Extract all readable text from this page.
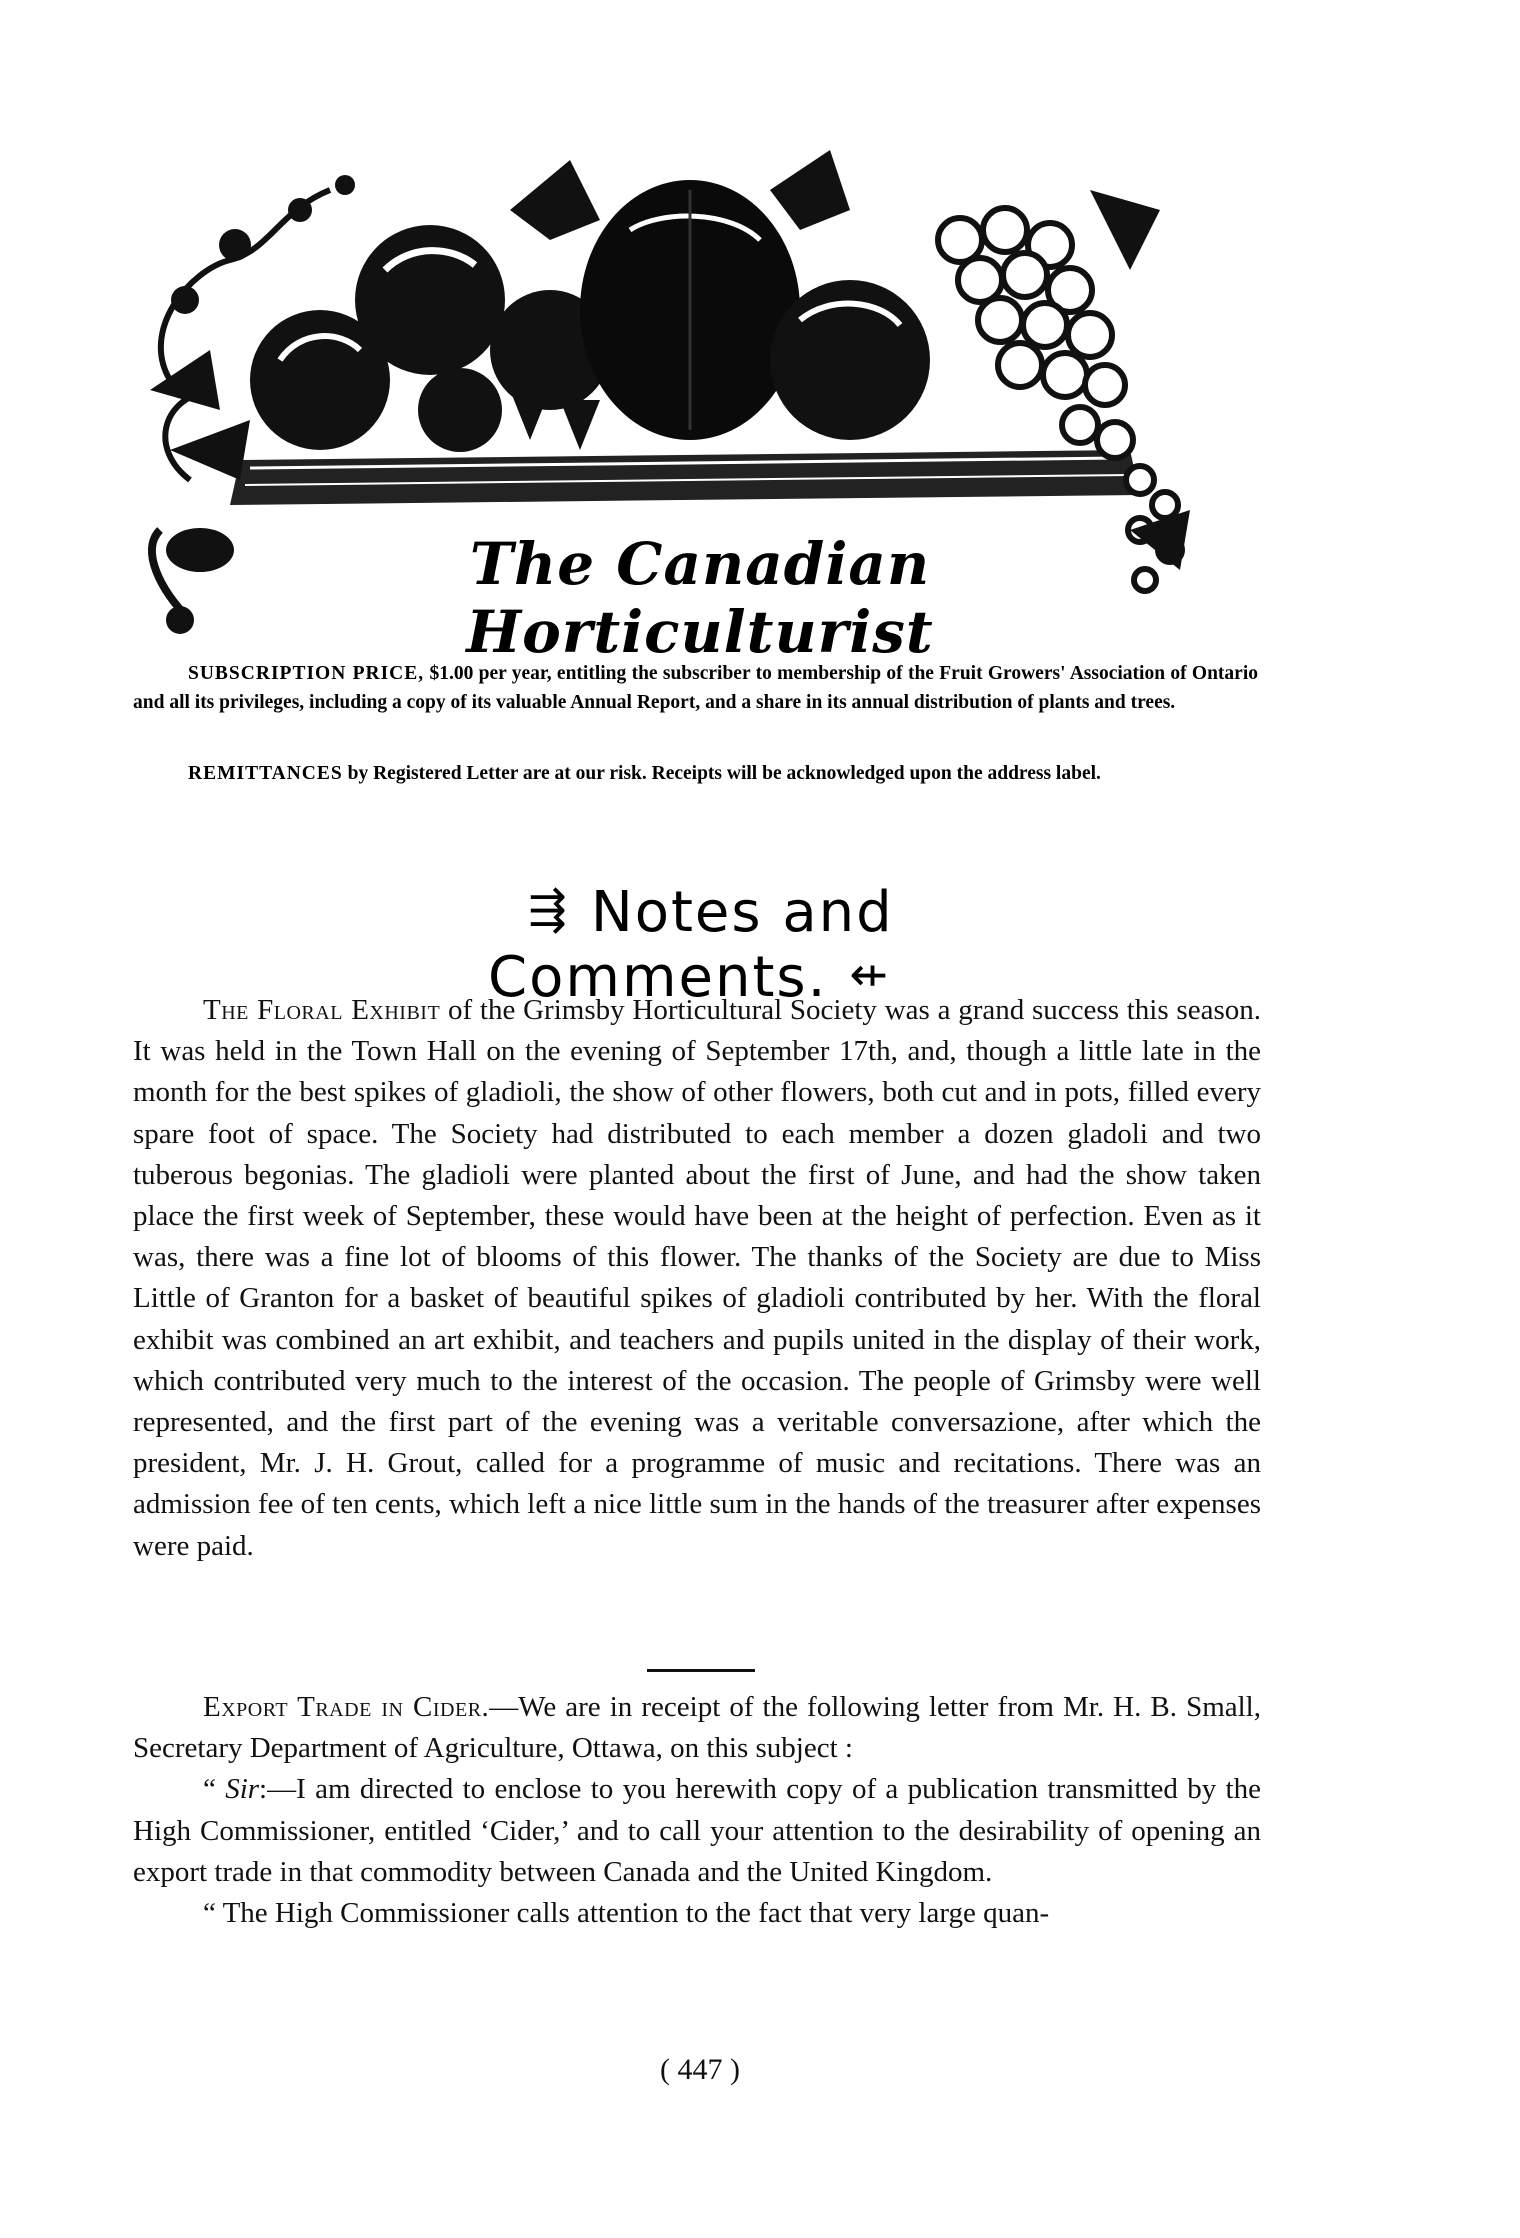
The Canadian Horticulturist
SUBSCRIPTION PRICE, $1.00 per year, entitling the subscriber to membership of the Fruit Growers' Association of Ontario and all its privileges, including a copy of its valuable Annual Report, and a share in its annual distribution of plants and trees.
REMITTANCES by Registered Letter are at our risk. Receipts will be acknowledged upon the address label.
⇶ Notes and Comments. ⇷

The Floral Exhibit of the Grimsby Horticultural Society was a grand success this season. It was held in the Town Hall on the evening of September 17th, and, though a little late in the month for the best spikes of gladioli, the show of other flowers, both cut and in pots, filled every spare foot of space. The Society had distributed to each member a dozen gladoli and two tuberous begonias. The gladioli were planted about the first of June, and had the show taken place the first week of September, these would have been at the height of perfection. Even as it was, there was a fine lot of blooms of this flower. The thanks of the Society are due to Miss Little of Granton for a basket of beautiful spikes of gladioli contributed by her. With the floral exhibit was combined an art exhibit, and teachers and pupils united in the display of their work, which contributed very much to the interest of the occasion. The people of Grimsby were well represented, and the first part of the evening was a veritable conversazione, after which the president, Mr. J. H. Grout, called for a programme of music and recitations. There was an admission fee of ten cents, which left a nice little sum in the hands of the treasurer after expenses were paid.

Export Trade in Cider.—We are in receipt of the following letter from Mr. H. B. Small, Secretary Department of Agriculture, Ottawa, on this subject :

“ Sir:—I am directed to enclose to you herewith copy of a publication transmitted by the High Commissioner, entitled ‘Cider,’ and to call your attention to the desirability of opening an export trade in that commodity between Canada and the United Kingdom.

“ The High Commissioner calls attention to the fact that very large quan-

( 447 )
